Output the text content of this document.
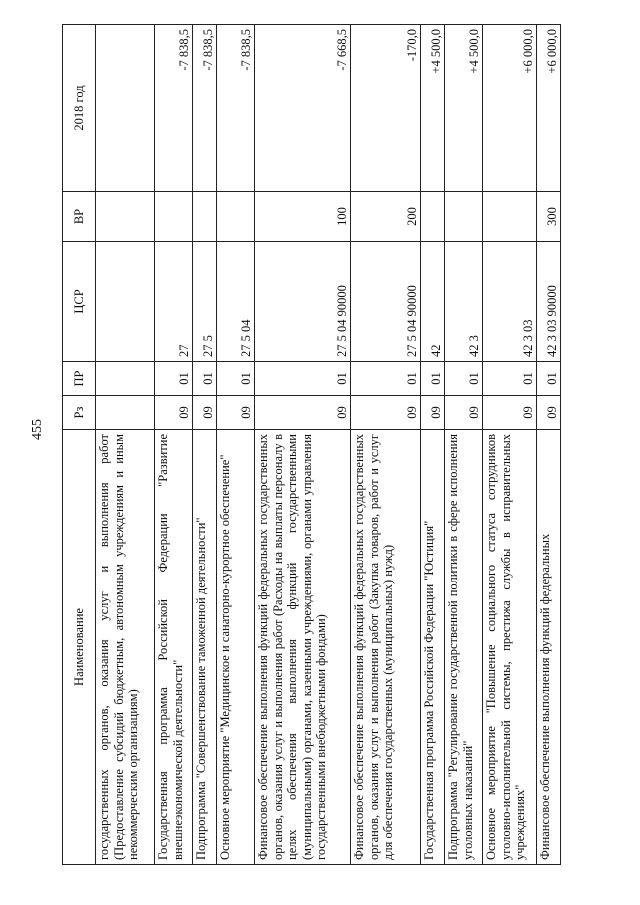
455
Наименование	Рз	ПР	ЦСР	ВР	2018 год
государственных органов, оказания услуг и выполнения работ (Предоставление субсидий бюджетным, автономным учреждениям и иным некоммерческим организациям)					
Государственная программа Российской Федерации "Развитие внешнеэкономической деятельности"	09	01	27		-7 838,5
Подпрограмма "Совершенствование таможенной деятельности"	09	01	27 5		-7 838,5
Основное мероприятие "Медицинское и санаторно-курортное обеспечение"	09	01	27 5 04		-7 838,5
Финансовое обеспечение выполнения функций федеральных государственных органов, оказания услуг и выполнения работ (Расходы на выплаты персоналу в целях обеспечения выполнения функций государственными (муниципальными) органами, казенными учреждениями, органами управления государственными внебюджетными фондами)	09	01	27 5 04 90000	100	-7 668,5
Финансовое обеспечение выполнения функций федеральных государственных органов, оказания услуг и выполнения работ (Закупка товаров, работ и услуг для обеспечения государственных (муниципальных) нужд)	09	01	27 5 04 90000	200	-170,0
Государственная программа Российской Федерации "Юстиция"	09	01	42		+4 500,0
Подпрограмма "Регулирование государственной политики в сфере исполнения уголовных наказаний"	09	01	42 3		+4 500,0
Основное мероприятие "Повышение социального статуса сотрудников уголовно-исполнительной системы, престижа службы в исправительных учреждениях"	09	01	42 3 03		+6 000,0
Финансовое обеспечение выполнения функций федеральных	09	01	42 3 03 90000	300	+6 000,0
